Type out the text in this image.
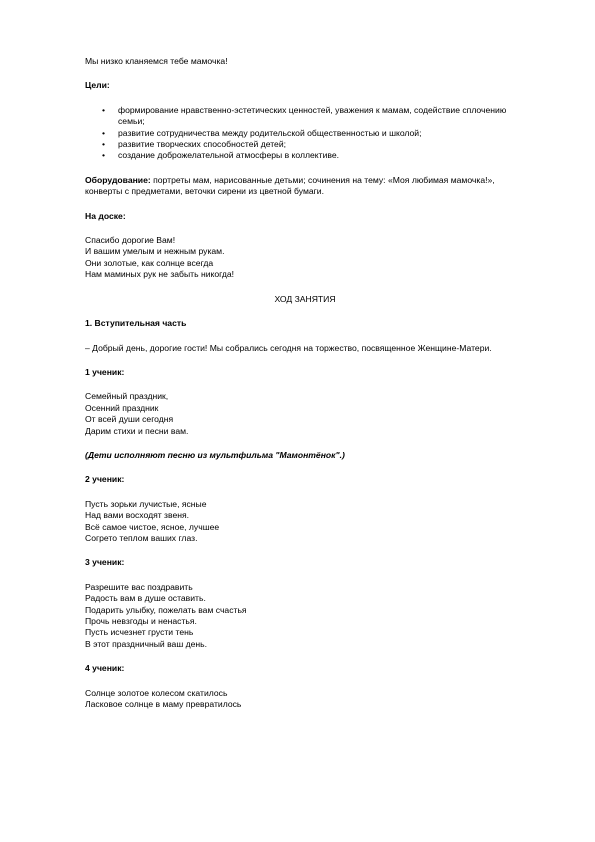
Мы низко кланяемся тебе мамочка!
Цели:
• формирование нравственно-эстетических ценностей, уважения к мамам, содействие сплочению семьи;
• развитие сотрудничества между родительской общественностью и школой;
• развитие творческих способностей детей;
• создание доброжелательной атмосферы в коллективе.
Оборудование: портреты мам, нарисованные детьми; сочинения на тему: «Моя любимая мамочка!», конверты с предметами, веточки сирени из цветной бумаги.
На доске:
Спасибо дорогие Вам!
И вашим умелым и нежным рукам.
Они золотые, как солнце всегда
Нам маминых рук не забыть никогда!
ХОД ЗАНЯТИЯ
1. Вступительная часть
– Добрый день, дорогие гости! Мы собрались сегодня на торжество, посвященное Женщине-Матери.
1 ученик:
Семейный праздник,
Осенний праздник
От всей души сегодня
Дарим стихи и песни вам.
(Дети исполняют песню из мультфильма "Мамонтёнок".)
2 ученик:
Пусть зорьки лучистые, ясные
Над вами восходят звеня.
Всё самое чистое, ясное, лучшее
Согрето теплом ваших глаз.
3 ученик:
Разрешите вас поздравить
Радость вам в душе оставить.
Подарить улыбку, пожелать вам счастья
Прочь невзгоды и ненастья.
Пусть исчезнет грусти тень
В этот праздничный ваш день.
4 ученик:
Солнце золотое колесом скатилось
Ласковое солнце в маму превратилось
